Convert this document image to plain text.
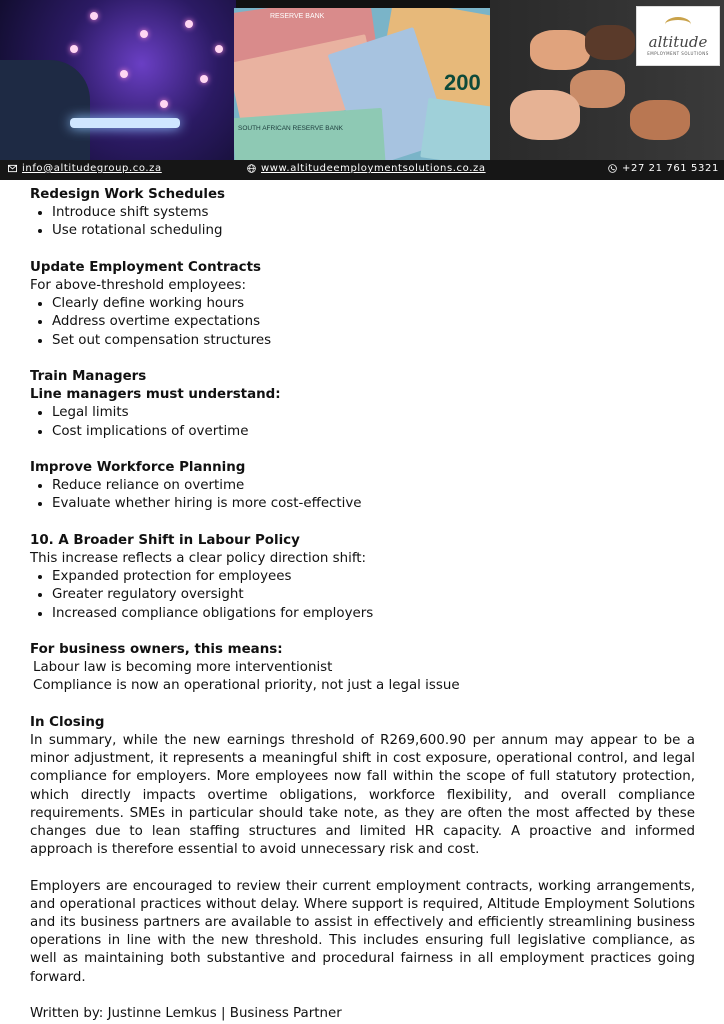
RESERVE BANK
SOUTH AFRICAN RESERVE BANK
200
altitude
EMPLOYMENT SOLUTIONS
info@altitudegroup.co.za	www.altitudeemploymentsolutions.co.za	+27 21 761 5321
Redesign Work Schedules
• Introduce shift systems
• Use rotational scheduling
Update Employment Contracts
For above-threshold employees:
• Clearly define working hours
• Address overtime expectations
• Set out compensation structures
Train Managers
Line managers must understand:
• Legal limits
• Cost implications of overtime
Improve Workforce Planning
• Reduce reliance on overtime
• Evaluate whether hiring is more cost-effective
10. A Broader Shift in Labour Policy
This increase reflects a clear policy direction shift:
• Expanded protection for employees
• Greater regulatory oversight
• Increased compliance obligations for employers
For business owners, this means:
Labour law is becoming more interventionist
Compliance is now an operational priority, not just a legal issue
In Closing
In summary, while the new earnings threshold of R269,600.90 per annum may appear to be a minor adjustment, it represents a meaningful shift in cost exposure, operational control, and legal compliance for employers. More employees now fall within the scope of full statutory protection, which directly impacts overtime obligations, workforce flexibility, and overall compliance requirements. SMEs in particular should take note, as they are often the most affected by these changes due to lean staffing structures and limited HR capacity. A proactive and informed approach is therefore essential to avoid unnecessary risk and cost.
Employers are encouraged to review their current employment contracts, working arrangements, and operational practices without delay. Where support is required, Altitude Employment Solutions and its business partners are available to assist in effectively and efficiently streamlining business operations in line with the new threshold. This includes ensuring full legislative compliance, as well as maintaining both substantive and procedural fairness in all employment practices going forward.
Written by: Justinne Lemkus | Business Partner
